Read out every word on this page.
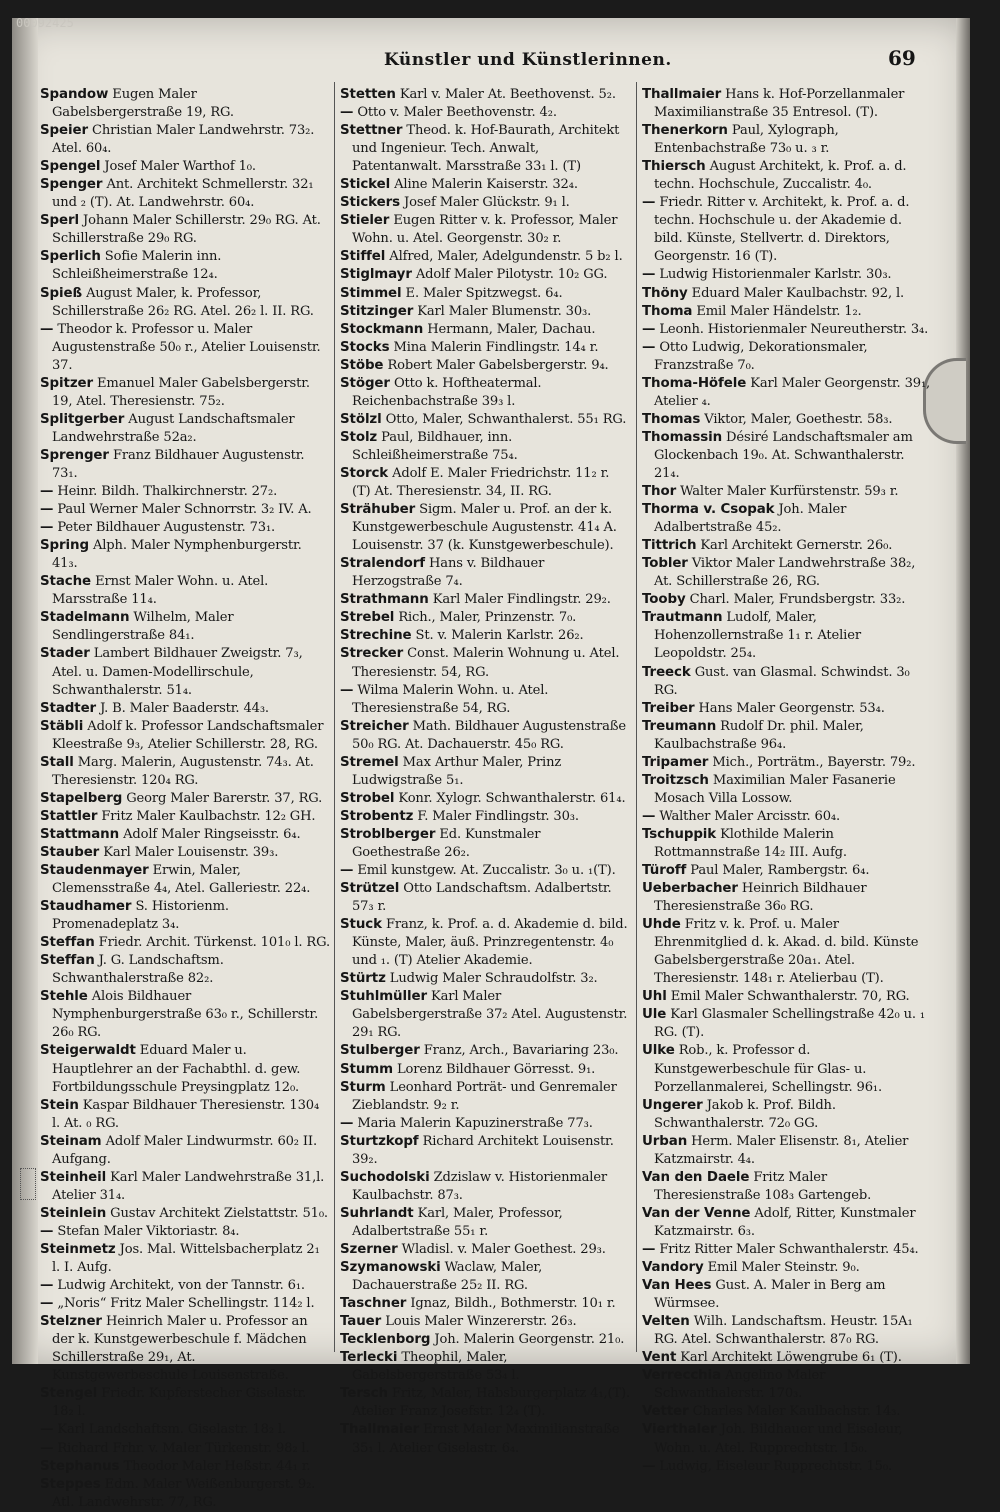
00092425
Künstler und Künstlerinnen.	69

Spandow Eugen Maler Gabelsbergerstraße 19, RG.

Speier Christian Maler Landwehrstr. 73₂. Atel. 60₄.

Spengel Josef Maler Warthof 1₀.

Spenger Ant. Architekt Schmellerstr. 32₁ und ₂ (T). At. Landwehrstr. 60₄.

Sperl Johann Maler Schillerstr. 29₀ RG. At. Schillerstraße 29₀ RG.

Sperlich Sofie Malerin inn. Schleißheimerstraße 12₄.

Spieß August Maler, k. Professor, Schillerstraße 26₂ RG. Atel. 26₂ l. II. RG.

— Theodor k. Professor u. Maler Augustenstraße 50₀ r., Atelier Louisenstr. 37.

Spitzer Emanuel Maler Gabelsbergerstr. 19, Atel. Theresienstr. 75₂.

Splitgerber August Landschaftsmaler Landwehrstraße 52a₂.

Sprenger Franz Bildhauer Augustenstr. 73₁.

— Heinr. Bildh. Thalkirchnerstr. 27₂.

— Paul Werner Maler Schnorrstr. 3₂ IV. A.

— Peter Bildhauer Augustenstr. 73₁.

Spring Alph. Maler Nymphenburgerstr. 41₃.

Stache Ernst Maler Wohn. u. Atel. Marsstraße 11₄.

Stadelmann Wilhelm, Maler Sendlingerstraße 84₁.

Stader Lambert Bildhauer Zweigstr. 7₃, Atel. u. Damen-Modellirschule, Schwanthalerstr. 51₄.

Stadter J. B. Maler Baaderstr. 44₃.

Stäbli Adolf k. Professor Landschaftsmaler Kleestraße 9₃, Atelier Schillerstr. 28, RG.

Stall Marg. Malerin, Augustenstr. 74₃. At. Theresienstr. 120₄ RG.

Stapelberg Georg Maler Barerstr. 37, RG.

Stattler Fritz Maler Kaulbachstr. 12₂ GH.

Stattmann Adolf Maler Ringseisstr. 6₄.

Stauber Karl Maler Louisenstr. 39₃.

Staudenmayer Erwin, Maler, Clemensstraße 4₄, Atel. Galleriestr. 22₄.

Staudhamer S. Historienm. Promenadeplatz 3₄.

Steffan Friedr. Archit. Türkenst. 101₀ l. RG.

Steffan J. G. Landschaftsm. Schwanthalerstraße 82₂.

Stehle Alois Bildhauer Nymphenburgerstraße 63₀ r., Schillerstr. 26₀ RG.

Steigerwaldt Eduard Maler u. Hauptlehrer an der Fachabthl. d. gew. Fortbildungsschule Preysingplatz 12₀.

Stein Kaspar Bildhauer Theresienstr. 130₄ l. At. ₀ RG.

Steinam Adolf Maler Lindwurmstr. 60₂ II. Aufgang.

Steinheil Karl Maler Landwehrstraße 31,l. Atelier 31₄.

Steinlein Gustav Architekt Zielstattstr. 51₀.

— Stefan Maler Viktoriastr. 8₄.

Steinmetz Jos. Mal. Wittelsbacherplatz 2₁ l. I. Aufg.

— Ludwig Architekt, von der Tannstr. 6₁.

— „Noris“ Fritz Maler Schellingstr. 114₂ l.

Stelzner Heinrich Maler u. Professor an der k. Kunstgewerbeschule f. Mädchen Schillerstraße 29₁, At. Kunstgewerbeschule Louisenstraße.

Stengel Friedr. Kupferstecher Giselastr. 18₂ l.

— Karl Landschaftsm. Giselastr. 18₂ l.

— Richard Frhr. v. Maler Türkenstr. 98₂ l.

Stephanus Theodor Maler Heßstr. 44₁ r.

Steppes Edm. Maler Weißenburgerst. 9₂. Atl. Landwehrstr. 77, RG.

Stetten Karl v. Maler At. Beethovenst. 5₂.

— Otto v. Maler Beethovenstr. 4₂.

Stettner Theod. k. Hof-Baurath, Architekt und Ingenieur. Tech. Anwalt, Patentanwalt. Marsstraße 33₁ l. (T)

Stickel Aline Malerin Kaiserstr. 32₄.

Stickers Josef Maler Glückstr. 9₁ l.

Stieler Eugen Ritter v. k. Professor, Maler Wohn. u. Atel. Georgenstr. 30₂ r.

Stiffel Alfred, Maler, Adelgundenstr. 5 b₂ l.

Stiglmayr Adolf Maler Pilotystr. 10₂ GG.

Stimmel E. Maler Spitzwegst. 6₄.

Stitzinger Karl Maler Blumenstr. 30₃.

Stockmann Hermann, Maler, Dachau.

Stocks Mina Malerin Findlingstr. 14₄ r.

Stöbe Robert Maler Gabelsbergerstr. 9₄.

Stöger Otto k. Hoftheatermal. Reichenbachstraße 39₃ l.

Stölzl Otto, Maler, Schwanthalerst. 55₁ RG.

Stolz Paul, Bildhauer, inn. Schleißheimerstraße 75₄.

Storck Adolf E. Maler Friedrichstr. 11₂ r. (T) At. Theresienstr. 34, II. RG.

Strähuber Sigm. Maler u. Prof. an der k. Kunstgewerbeschule Augustenstr. 41₄ A. Louisenstr. 37 (k. Kunstgewerbeschule).

Stralendorf Hans v. Bildhauer Herzogstraße 7₄.

Strathmann Karl Maler Findlingstr. 29₂.

Strebel Rich., Maler, Prinzenstr. 7₀.

Strechine St. v. Malerin Karlstr. 26₂.

Strecker Const. Malerin Wohnung u. Atel. Theresienstr. 54, RG.

— Wilma Malerin Wohn. u. Atel. Theresienstraße 54, RG.

Streicher Math. Bildhauer Augustenstraße 50₀ RG. At. Dachauerstr. 45₀ RG.

Stremel Max Arthur Maler, Prinz Ludwigstraße 5₁.

Strobel Konr. Xylogr. Schwanthalerstr. 61₄.

Strobentz F. Maler Findlingstr. 30₃.

Stroblberger Ed. Kunstmaler Goethestraße 26₂.

— Emil kunstgew. At. Zuccalistr. 3₀ u. ₁(T).

Strützel Otto Landschaftsm. Adalbertstr. 57₃ r.

Stuck Franz, k. Prof. a. d. Akademie d. bild. Künste, Maler, äuß. Prinzregentenstr. 4₀ und ₁. (T) Atelier Akademie.

Stürtz Ludwig Maler Schraudolfstr. 3₂.

Stuhlmüller Karl Maler Gabelsbergerstraße 37₂ Atel. Augustenstr. 29₁ RG.

Stulberger Franz, Arch., Bavariaring 23₀.

Stumm Lorenz Bildhauer Görresst. 9₁.

Sturm Leonhard Porträt- und Genremaler Zieblandstr. 9₂ r.

— Maria Malerin Kapuzinerstraße 77₃.

Sturtzkopf Richard Architekt Louisenstr. 39₂.

Suchodolski Zdzislaw v. Historienmaler Kaulbachstr. 87₃.

Suhrlandt Karl, Maler, Professor, Adalbertstraße 55₁ r.

Szerner Wladisl. v. Maler Goethest. 29₃.

Szymanowski Waclaw, Maler, Dachauerstraße 25₂ II. RG.

Taschner Ignaz, Bildh., Bothmerstr. 10₁ r.

Tauer Louis Maler Winzererstr. 26₃.

Tecklenborg Joh. Malerin Georgenstr. 21₀.

Terlecki Theophil, Maler, Gabelsbergerstraße 53₄ l.

Tersch Fritz, Maler, Habsburgerplatz 4₁,(T). Atelier Franz Josefstr. 12₄ (T).

Thallmaier Ernst Maler Maximilianstraße 35₁ l. Atelier Giselastr. 6₄.

Thallmaier Hans k. Hof-Porzellanmaler Maximilianstraße 35 Entresol. (T).

Thenerkorn Paul, Xylograph, Entenbachstraße 73₀ u. ₃ r.

Thiersch August Architekt, k. Prof. a. d. techn. Hochschule, Zuccalistr. 4₀.

— Friedr. Ritter v. Architekt, k. Prof. a. d. techn. Hochschule u. der Akademie d. bild. Künste, Stellvertr. d. Direktors, Georgenstr. 16 (T).

— Ludwig Historienmaler Karlstr. 30₃.

Thöny Eduard Maler Kaulbachstr. 92, l.

Thoma Emil Maler Händelstr. 1₂.

— Leonh. Historienmaler Neureutherstr. 3₄.

— Otto Ludwig, Dekorationsmaler, Franzstraße 7₀.

Thoma-Höfele Karl Maler Georgenstr. 39₁, Atelier ₄.

Thomas Viktor, Maler, Goethestr. 58₃.

Thomassin Désiré Landschaftsmaler am Glockenbach 19₀. At. Schwanthalerstr. 21₄.

Thor Walter Maler Kurfürstenstr. 59₃ r.

Thorma v. Csopak Joh. Maler Adalbertstraße 45₂.

Tittrich Karl Architekt Gernerstr. 26₀.

Tobler Viktor Maler Landwehrstraße 38₂, At. Schillerstraße 26, RG.

Tooby Charl. Maler, Frundsbergstr. 33₂.

Trautmann Ludolf, Maler, Hohenzollernstraße 1₁ r. Atelier Leopoldstr. 25₄.

Treeck Gust. van Glasmal. Schwindst. 3₀ RG.

Treiber Hans Maler Georgenstr. 53₄.

Treumann Rudolf Dr. phil. Maler, Kaulbachstraße 96₄.

Tripamer Mich., Porträtm., Bayerstr. 79₂.

Troitzsch Maximilian Maler Fasanerie Mosach Villa Lossow.

— Walther Maler Arcisstr. 60₄.

Tschuppik Klothilde Malerin Rottmannstraße 14₂ III. Aufg.

Türoff Paul Maler, Rambergstr. 6₄.

Ueberbacher Heinrich Bildhauer Theresienstraße 36₀ RG.

Uhde Fritz v. k. Prof. u. Maler Ehrenmitglied d. k. Akad. d. bild. Künste Gabelsbergerstraße 20a₁. Atel. Theresienstr. 148₁ r. Atelierbau (T).

Uhl Emil Maler Schwanthalerstr. 70, RG.

Ule Karl Glasmaler Schellingstraße 42₀ u. ₁ RG. (T).

Ulke Rob., k. Professor d. Kunstgewerbeschule für Glas- u. Porzellanmalerei, Schellingstr. 96₁.

Ungerer Jakob k. Prof. Bildh. Schwanthalerstr. 72₀ GG.

Urban Herm. Maler Elisenstr. 8₁, Atelier Katzmairstr. 4₄.

Van den Daele Fritz Maler Theresienstraße 108₃ Gartengeb.

Van der Venne Adolf, Ritter, Kunstmaler Katzmairstr. 6₃.

— Fritz Ritter Maler Schwanthalerstr. 45₄.

Vandory Emil Maler Steinstr. 9₀.

Van Hees Gust. A. Maler in Berg am Würmsee.

Velten Wilh. Landschaftsm. Heustr. 15A₁ RG. Atel. Schwanthalerstr. 87₀ RG.

Vent Karl Architekt Löwengrube 6₁ (T).

Verrecchia Angelino Maler Schwanthalerstr. 170₃.

Vetter Charles Maler Kaulbachstr. 14₃.

Vierthaler Joh. Bildhauer und Eiseleur, Wohn. u. Atel. Rupprechtstr. 15₀.

— Ludwig, Eiseleur Rupprechtstr. 15₀.
